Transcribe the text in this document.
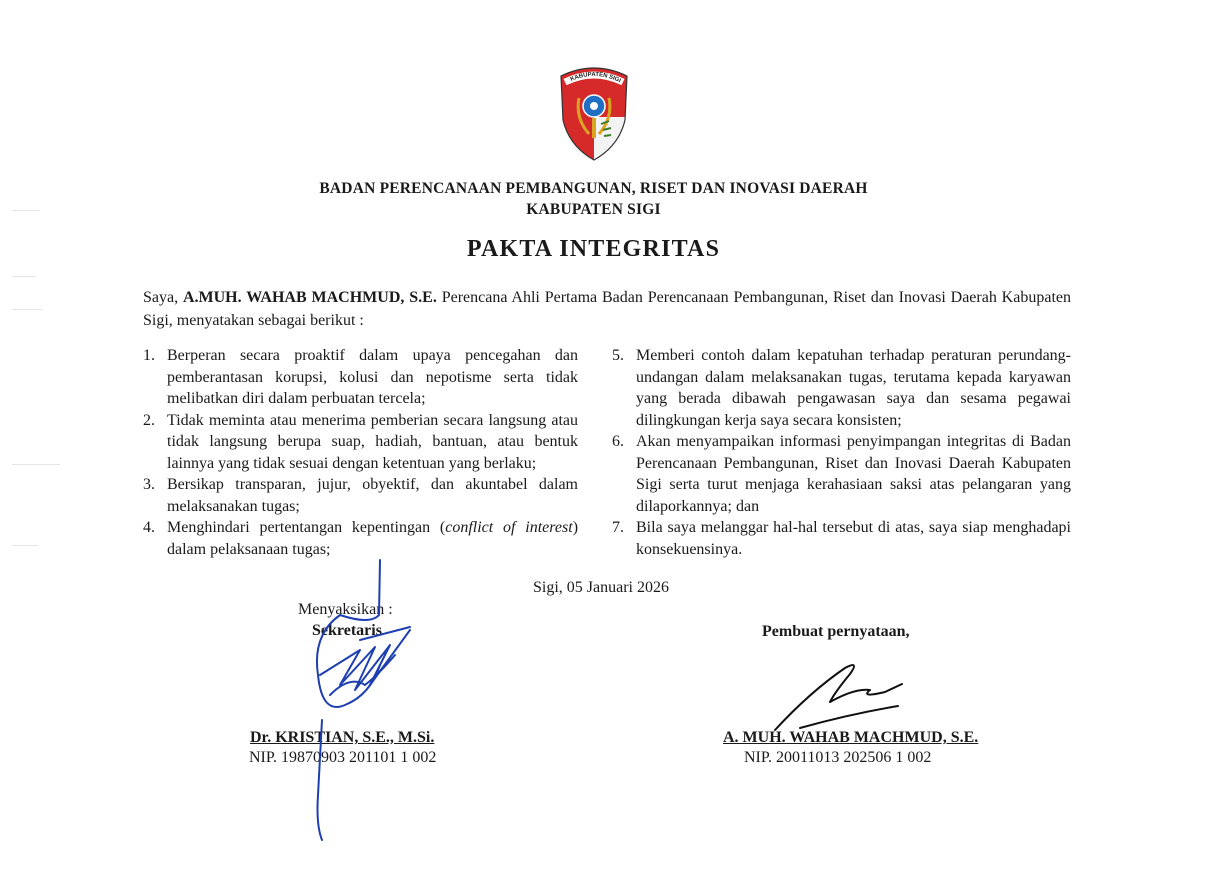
KABUPATEN SIGI
BADAN PERENCANAAN PEMBANGUNAN, RISET DAN INOVASI DAERAH
KABUPATEN SIGI
PAKTA INTEGRITAS
Saya, A.MUH. WAHAB MACHMUD, S.E. Perencana Ahli Pertama Badan Perencanaan Pembangunan, Riset dan Inovasi Daerah Kabupaten Sigi, menyatakan sebagai berikut :
1. Berperan secara proaktif dalam upaya pencegahan dan pemberantasan korupsi, kolusi dan nepotisme serta tidak melibatkan diri dalam perbuatan tercela;
2. Tidak meminta atau menerima pemberian secara langsung atau tidak langsung berupa suap, hadiah, bantuan, atau bentuk lainnya yang tidak sesuai dengan ketentuan yang berlaku;
3. Bersikap transparan, jujur, obyektif, dan akuntabel dalam melaksanakan tugas;
4. Menghindari pertentangan kepentingan (conflict of interest) dalam pelaksanaan tugas;
5. Memberi contoh dalam kepatuhan terhadap peraturan perundang-undangan dalam melaksanakan tugas, terutama kepada karyawan yang berada dibawah pengawasan saya dan sesama pegawai dilingkungan kerja saya secara konsisten;
6. Akan menyampaikan informasi penyimpangan integritas di Badan Perencanaan Pembangunan, Riset dan Inovasi Daerah Kabupaten Sigi serta turut menjaga kerahasiaan saksi atas pelangaran yang dilaporkannya; dan
7. Bila saya melanggar hal-hal tersebut di atas, saya siap menghadapi konsekuensinya.
Sigi, 05 Januari 2026
Menyaksikan :
Sekretaris	Pembuat pernyataan,
Dr. KRISTIAN, S.E., M.Si.
NIP. 19870903 201101 1 002
A. MUH. WAHAB MACHMUD, S.E.
NIP. 20011013 202506 1 002
